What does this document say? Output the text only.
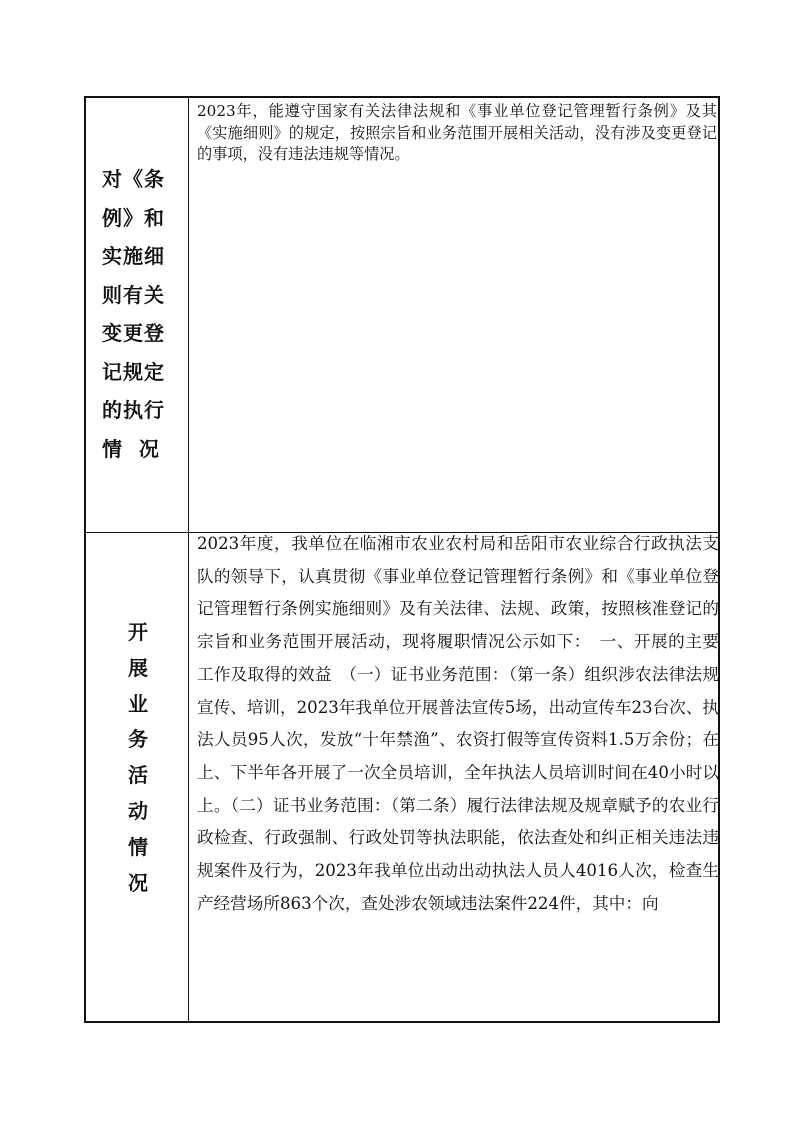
对《条
例》和
实施细
则有关
变更登
记规定
的执行
情  况
2023年，能遵守国家有关法律法规和《事业单位登记管理暂行条例》及其《实施细则》的规定，按照宗旨和业务范围开展相关活动，没有涉及变更登记的事项，没有违法违规等情况。
开展业务活动情况
2023年度，我单位在临湘市农业农村局和岳阳市农业综合行政执法支队的领导下，认真贯彻《事业单位登记管理暂行条例》和《事业单位登记管理暂行条例实施细则》及有关法律、法规、政策，按照核准登记的宗旨和业务范围开展活动，现将履职情况公示如下：　一、开展的主要工作及取得的效益　（一）证书业务范围：（第一条）组织涉农法律法规宣传、培训，2023年我单位开展普法宣传5场，出动宣传车23台次、执法人员95人次，发放“十年禁渔”、农资打假等宣传资料1.5万余份；在上、下半年各开展了一次全员培训，全年执法人员培训时间在40小时以上。（二）证书业务范围：（第二条）履行法律法规及规章赋予的农业行政检查、行政强制、行政处罚等执法职能，依法查处和纠正相关违法违规案件及行为，2023年我单位出动出动执法人员人4016人次，检查生产经营场所863个次，查处涉农领域违法案件224件，其中：向
